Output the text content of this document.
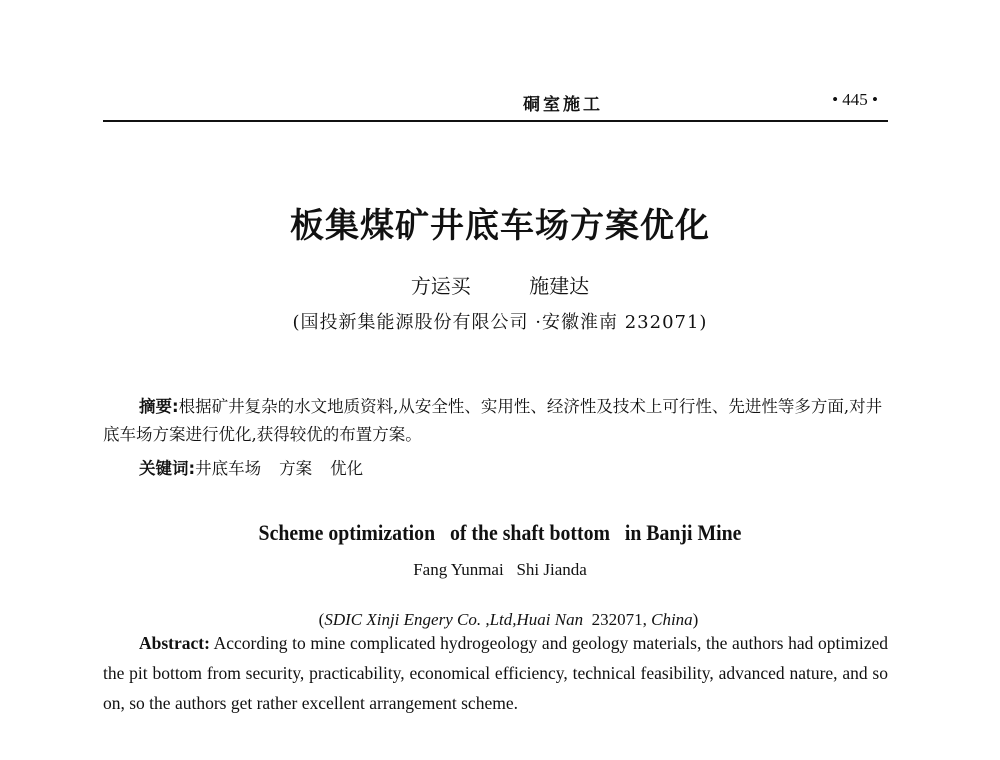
硐室施工	• 445 •
板集煤矿井底车场方案优化
方运买	施建达
(国投新集能源股份有限公司 ·安徽淮南 232071)
摘要:根据矿井复杂的水文地质资料,从安全性、实用性、经济性及技术上可行性、先进性等多方面,对井底车场方案进行优化,获得较优的布置方案。
关键词:井底车场 方案 优化
Scheme optimization   of the shaft bottom   in Banji Mine
Fang Yunmai   Shi Jianda

(SDIC Xinji Engery Co. ,Ltd,Huai Nan  232071, China)

Abstract: According to mine complicated hydrogeology and geology materials, the authors had optimized the pit bottom from security, practicability, economical efficiency, technical feasibility, advanced nature, and so on, so the authors get rather excellent arrangement scheme.
